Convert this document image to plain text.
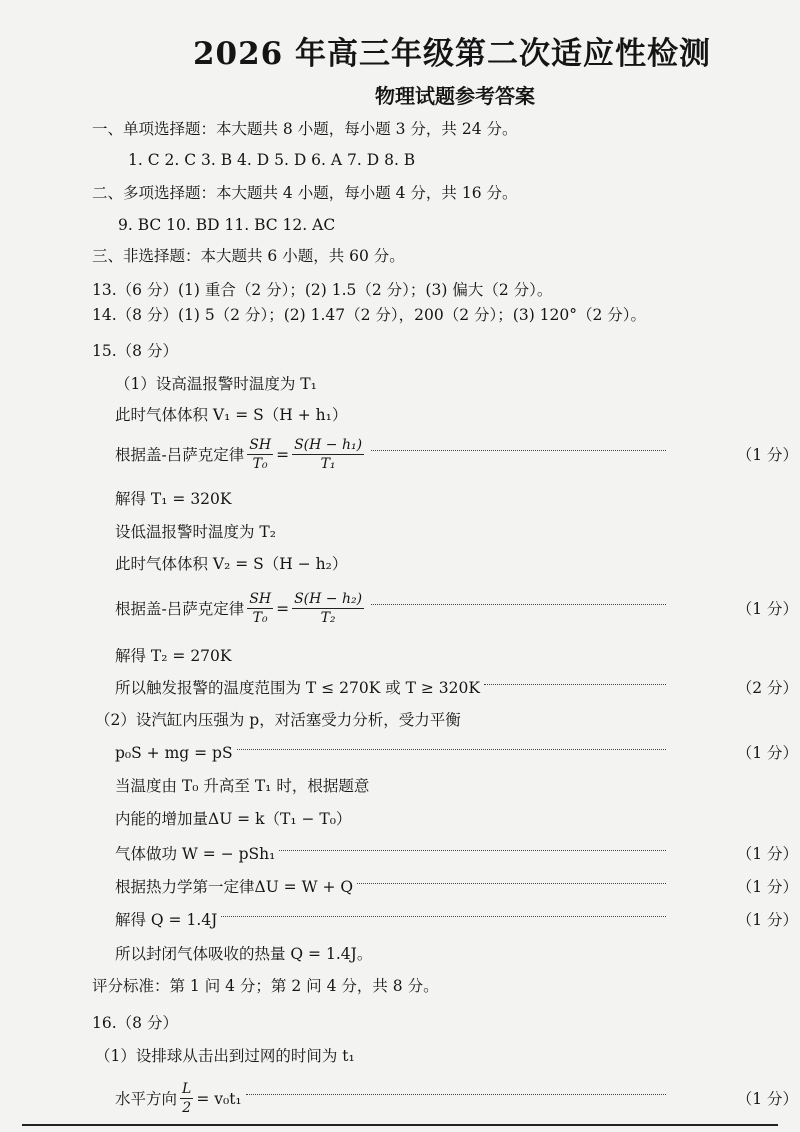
2026 年高三年级第二次适应性检测
物理试题参考答案
一、单项选择题：本大题共 8 小题，每小题 3 分，共 24 分。
1. C 2. C 3. B 4. D 5. D 6. A 7. D 8. B
二、多项选择题：本大题共 4 小题，每小题 4 分，共 16 分。
9. BC 10. BD 11. BC 12. AC
三、非选择题：本大题共 6 小题，共 60 分。
13.（6 分）(1) 重合（2 分）；(2) 1.5（2 分）；(3) 偏大（2 分）。
14.（8 分）(1) 5（2 分）；(2) 1.47（2 分），200（2 分）；(3) 120°（2 分）。
15.（8 分）
（1）设高温报警时温度为 T₁
此时气体体积 V₁ = S（H + h₁）
根据盖-吕萨克定律 $\frac{SH}{\text{T₀}} = \frac{\text{S(H − h₁)}}{\text{T₁}}$	（1 分）
解得 T₁ = 320K
设低温报警时温度为 T₂
此时气体体积 V₂ = S（H − h₂）
根据盖-吕萨克定律 $\frac{SH}{\text{T₀}} = \frac{\text{S(H − h₂)}}{\text{T₂}}$	（1 分）
解得 T₂ = 270K
所以触发报警的温度范围为 T ≤ 270K 或 T ≥ 320K	（2 分）
（2）设汽缸内压强为 p，对活塞受力分析，受力平衡
p₀S + mg = pS	（1 分）
当温度由 T₀ 升高至 T₁ 时，根据题意
内能的增加量ΔU = k（T₁ − T₀）
气体做功 W = − pSh₁	（1 分）
根据热力学第一定律ΔU = W + Q	（1 分）
解得 Q = 1.4J	（1 分）
所以封闭气体吸收的热量 Q = 1.4J。
评分标准：第 1 问 4 分；第 2 问 4 分，共 8 分。
16.（8 分）
（1）设排球从击出到过网的时间为 t₁
水平方向 $\frac{L}{2} = v_0t_1$	（1 分）
